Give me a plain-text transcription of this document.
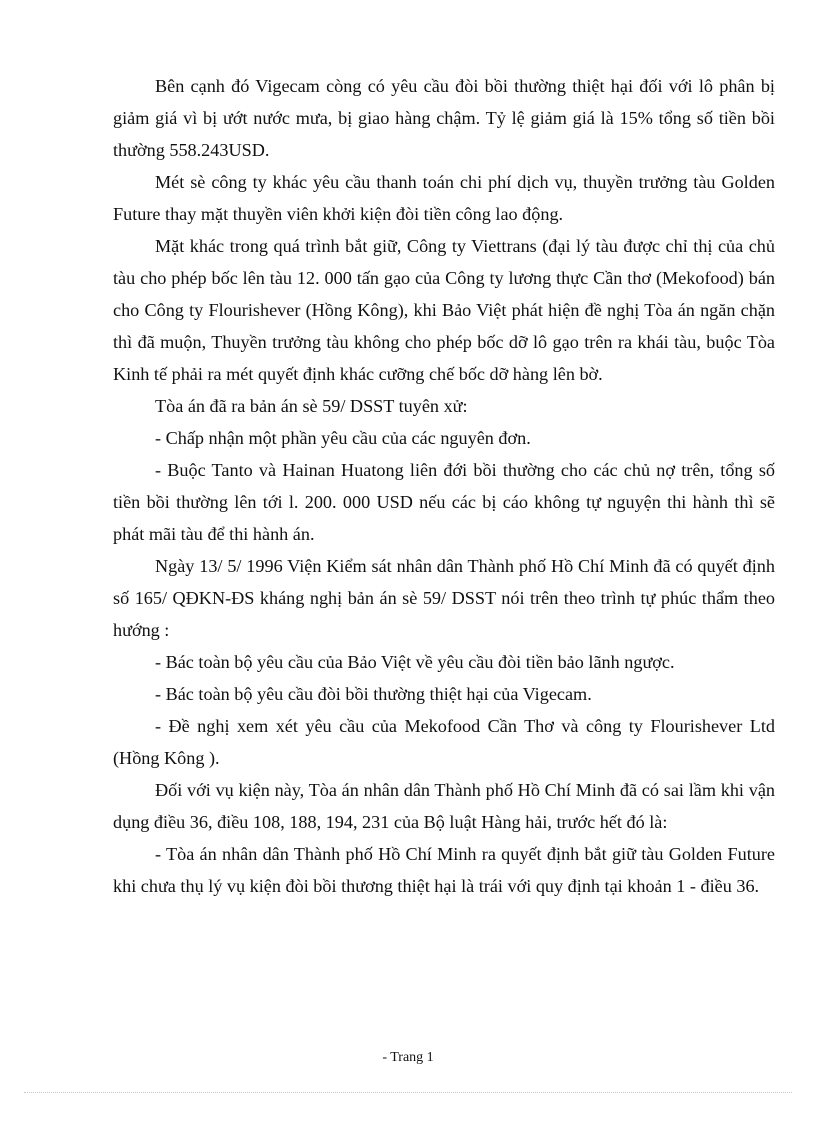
Bên cạnh đó Vigecam còng có yêu cầu đòi bồi thường thiệt hại đối với lô phân bị giảm giá vì bị ướt nước mưa, bị giao hàng chậm. Tỷ lệ giảm giá là 15% tổng số tiền bồi thường 558.243USD.

Mét sè công ty khác yêu cầu thanh toán chi phí dịch vụ, thuyền trưởng tàu Golden Future thay mặt thuyền viên khởi kiện đòi tiền công lao động.

Mặt khác trong quá trình bắt giữ, Công ty Viettrans (đại lý tàu được chỉ thị của chủ tàu cho phép bốc lên tàu 12. 000 tấn gạo của Công ty lương thực Cần thơ (Mekofood) bán cho Công ty Flourishever (Hồng Kông), khi Bảo Việt phát hiện đề nghị Tòa án ngăn chặn thì đã muộn, Thuyền trưởng tàu không cho phép bốc dỡ lô gạo trên ra khái tàu, buộc Tòa Kinh tế phải ra mét quyết định khác cưỡng chế bốc dỡ hàng lên bờ.

Tòa án đã ra bản án sè 59/ DSST tuyên xử:

- Chấp nhận một phần yêu cầu của các nguyên đơn.

- Buộc Tanto và Hainan Huatong liên đới bồi thường cho các chủ nợ trên, tổng số tiền bồi thường lên tới l. 200. 000 USD nếu các bị cáo không tự nguyện thi hành thì sẽ phát mãi tàu để thi hành án.

Ngày 13/ 5/ 1996 Viện Kiểm sát nhân dân Thành phố Hồ Chí Minh đã có quyết định số 165/ QĐKN-ĐS kháng nghị bản án sè 59/ DSST nói trên theo trình tự phúc thẩm theo hướng :

- Bác toàn bộ yêu cầu của Bảo Việt về yêu cầu đòi tiền bảo lãnh ngược.

- Bác toàn bộ yêu cầu đòi bồi thường thiệt hại của Vigecam.

- Đề nghị xem xét yêu cầu của Mekofood Cần Thơ và công ty Flourishever Ltd (Hồng Kông ).

Đối với vụ kiện này, Tòa án nhân dân Thành phố Hồ Chí Minh đã có sai lầm khi vận dụng điều 36, điều 108, 188, 194, 231 của Bộ luật Hàng hải, trước hết đó là:

- Tòa án nhân dân Thành phố Hồ Chí Minh ra quyết định bắt giữ tàu Golden Future khi chưa thụ lý vụ kiện đòi bồi thương thiệt hại là trái với quy định tại khoản 1 - điều 36.

- Trang 1
